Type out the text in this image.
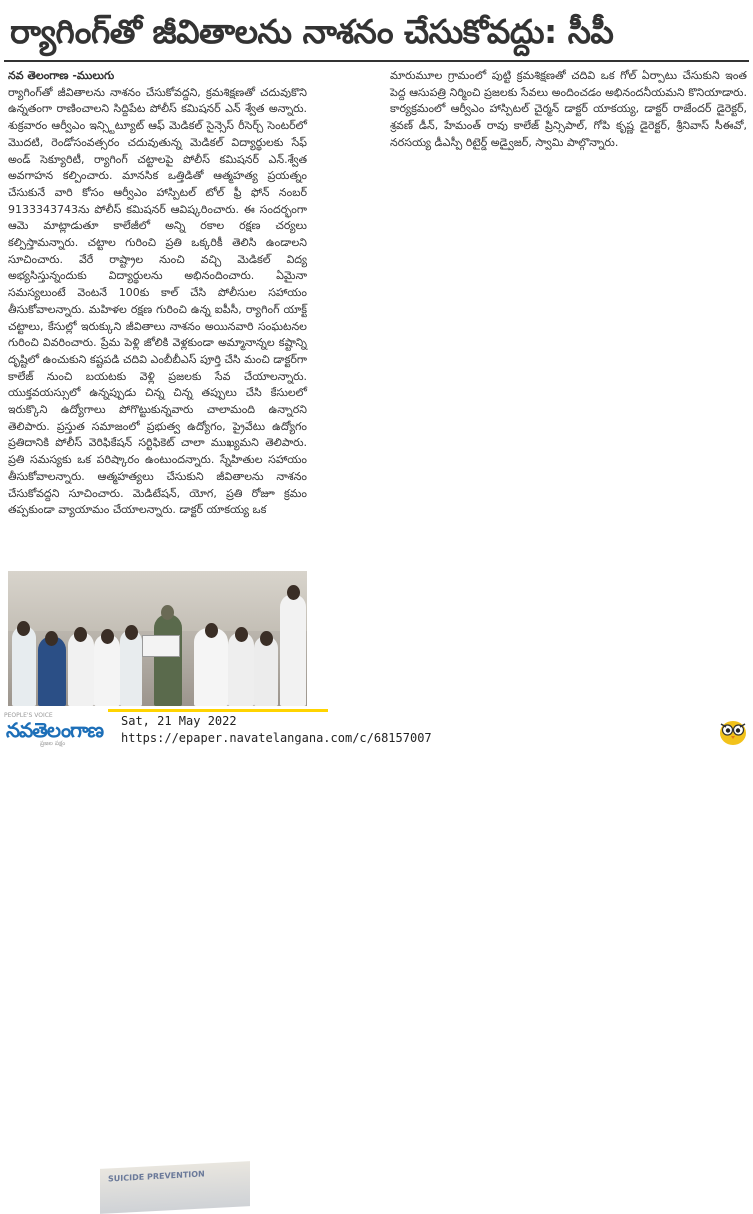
ర్యాగింగ్‌తో జీవితాలను నాశనం చేసుకోవద్దు: సీపీ

నవ తెలంగాణ -ములుగు

ర్యాగింగ్‌తో జీవితాలను నాశనం చేసుకోవద్దని, క్రమశిక్షణతో చదువుకొని ఉన్నతంగా రాణించాలని సిద్దిపేట పోలీస్ కమిషనర్ ఎన్ శ్వేత అన్నారు. శుక్రవారం ఆర్వీఎం ఇన్స్టిట్యూట్ ఆఫ్ మెడికల్ సైన్సెస్ రీసెర్చ్ సెంటర్‌లో మొదటి, రెండోసంవత్సరం చదువుతున్న మెడికల్ విద్యార్థులకు సేఫ్ అండ్ సెక్యూరిటీ, ర్యాగింగ్ చట్టాలపై పోలీస్ కమిషనర్ ఎన్.శ్వేత అవగాహన కల్పించారు. మానసిక ఒత్తిడితో ఆత్మహత్య ప్రయత్నం చేసుకునే వారి కోసం ఆర్వీఎం హాస్పిటల్ టోల్ ఫ్రీ ఫోన్ నంబర్ 9133343743ను పోలీస్ కమిషనర్ ఆవిష్కరించారు. ఈ సందర్భంగా ఆమె మాట్లాడుతూ కాలేజీలో అన్ని రకాల రక్షణ చర్యలు కల్పిస్తామన్నారు. చట్టాల గురించి ప్రతి ఒక్కరికీ తెలిసి ఉండాలని సూచించారు. వేరే రాష్ట్రాల నుంచి వచ్చి మెడికల్ విద్య అభ్యసిస్తున్నందుకు విద్యార్థులను అభినందించారు. ఏమైనా సమస్యలుంటే వెంటనే 100కు కాల్ చేసి పోలీసుల సహాయం తీసుకోవాలన్నారు. మహిళల రక్షణ గురించి ఉన్న ఐపీసీ, ర్యాగింగ్ యాక్ట్ చట్టాలు, కేసుల్లో ఇరుక్కుని జీవితాలు నాశనం అయినవారి సంఘటనల గురించి వివరించారు. ప్రేమ పెళ్లి జోలికి వెళ్లకుండా అమ్మానాన్నల కష్టాన్ని దృష్టిలో ఉంచుకుని కష్టపడి చదివి ఎంబీబీఎస్ పూర్తి చేసి మంచి డాక్టర్‌గా కాలేజ్ నుంచి బయటకు వెళ్లి ప్రజలకు సేవ చేయాలన్నారు. యుక్తవయస్సులో ఉన్నప్పుడు చిన్న చిన్న తప్పులు చేసి కేసులలో ఇరుక్కొని ఉద్యోగాలు పోగొట్టుకున్నవారు చాలామంది ఉన్నారని తెలిపారు. ప్రస్తుత సమాజంలో ప్రభుత్వ ఉద్యోగం, ప్రైవేటు ఉద్యోగం ప్రతిదానికి పోలీస్ వెరిఫికేషన్ సర్టిఫికెట్ చాలా ముఖ్యమని తెలిపారు. ప్రతి సమస్యకు ఒక పరిష్కారం ఉంటుందన్నారు. స్నేహితుల సహాయం తీసుకోవాలన్నారు. ఆత్మహత్యలు చేసుకుని జీవితాలను నాశనం చేసుకోవద్దని సూచించారు. మెడిటేషన్, యోగ, ప్రతి రోజూ క్రమం తప్పకుండా వ్యాయామం చేయాలన్నారు. డాక్టర్ యాకయ్య ఒక

మారుమూల గ్రామంలో పుట్టి క్రమశిక్షణతో చదివి ఒక గోల్ ఏర్పాటు చేసుకుని ఇంత పెద్ద ఆసుపత్రి నిర్మించి ప్రజలకు సేవలు అందించడం అభినందనీయమని కొనియాడారు. కార్యక్రమంలో ఆర్వీఎం హాస్పిటల్ చైర్మన్ డాక్టర్ యాకయ్య, డాక్టర్ రాజేందర్ డైరెక్టర్, శ్రవణ్ డీన్, హేమంత్ రావు కాలేజ్ ప్రిన్సిపాల్, గోపి కృష్ణ డైరెక్టర్, శ్రీనివాస్ సీఈవో, నరసయ్య డీఎస్పీ రిటైర్డ్ అడ్వైజర్, స్వామి పాల్గొన్నారు.

SUICIDE PREVENTION
PEOPLE'S VOICE
నవతెలంగాణ
ప్రజల పక్షం
Sat, 21 May 2022
https://epaper.navatelangana.com/c/68157007
